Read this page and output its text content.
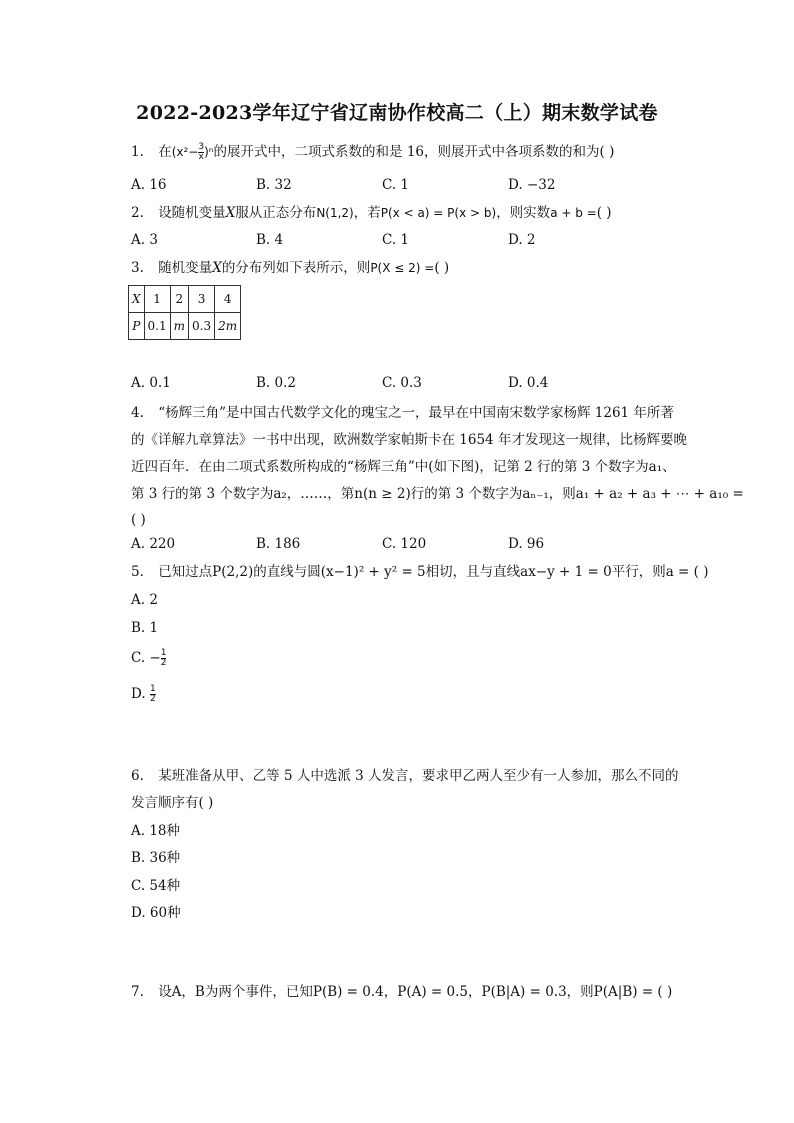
2022-2023学年辽宁省辽南协作校高二（上）期末数学试卷
1. 在$(x^2- \frac{3}{x} )^n$的展开式中，二项式系数的和是 16，则展开式中各项系数的和为( )
A. 16	B. 32	C. 1	D. −32
2. 设随机变量X服从正态分布N(1,2)，若P(x < a) = P(x > b)，则实数a + b =( )
A. 3	B. 4	C. 1	D. 2
3. 随机变量X的分布列如下表所示，则P(X ≤ 2) =( )
X	1	2	3	4
P	0.1	m	0.3	2m
A. 0.1	B. 0.2	C. 0.3	D. 0.4
4. “杨辉三角”是中国古代数学文化的瑰宝之一，最早在中国南宋数学家杨辉 1261 年所著
的《详解九章算法》一书中出现，欧洲数学家帕斯卡在 1654 年才发现这一规律，比杨辉要晚
近四百年．在由二项式系数所构成的“杨辉三角”中(如下图)，记第 2 行的第 3 个数字为a₁、
第 3 行的第 3 个数字为a₂，……，第n(n ≥ 2)行的第 3 个数字为aₙ₋₁，则a₁ + a₂ + a₃ + ⋯ + a₁₀ =
( )
A. 220	B. 186	C. 120	D. 96
5. 已知过点P(2,2)的直线与圆(x−1)² + y² = 5相切，且与直线ax−y + 1 = 0平行，则a = ( )
A. 2
B. 1
C. − $\frac{1}{2}$
D. $\frac{1}{2}$
6. 某班准备从甲、乙等 5 人中选派 3 人发言，要求甲乙两人至少有一人参加，那么不同的
发言顺序有( )
A. 18种
B. 36种
C. 54种
D. 60种
7. 设A，B为两个事件，已知P(B) = 0.4，P(A) = 0.5，P(B|A) = 0.3，则P(A|B) = ( )
